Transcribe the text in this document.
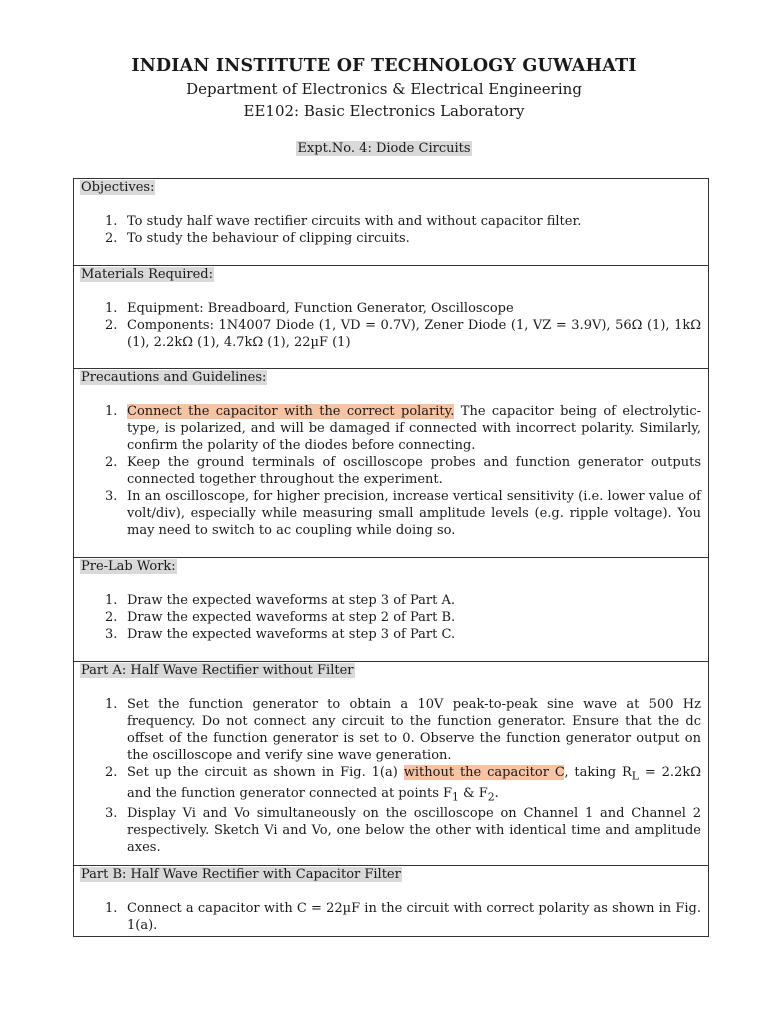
INDIAN INSTITUTE OF TECHNOLOGY GUWAHATI
Department of Electronics & Electrical Engineering
EE102: Basic Electronics Laboratory
Expt.No. 4: Diode Circuits
Objectives:
1. To study half wave rectifier circuits with and without capacitor filter.
2. To study the behaviour of clipping circuits.
Materials Required:
1. Equipment: Breadboard, Function Generator, Oscilloscope
2. Components: 1N4007 Diode (1, VD = 0.7V), Zener Diode (1, VZ = 3.9V), 56Ω (1), 1kΩ (1), 2.2kΩ (1), 4.7kΩ (1), 22µF (1)
Precautions and Guidelines:
1. Connect the capacitor with the correct polarity. The capacitor being of electrolytic-type, is polarized, and will be damaged if connected with incorrect polarity. Similarly, confirm the polarity of the diodes before connecting.
2. Keep the ground terminals of oscilloscope probes and function generator outputs connected together throughout the experiment.
3. In an oscilloscope, for higher precision, increase vertical sensitivity (i.e. lower value of volt/div), especially while measuring small amplitude levels (e.g. ripple voltage). You may need to switch to ac coupling while doing so.
Pre-Lab Work:
1. Draw the expected waveforms at step 3 of Part A.
2. Draw the expected waveforms at step 2 of Part B.
3. Draw the expected waveforms at step 3 of Part C.
Part A: Half Wave Rectifier without Filter
1. Set the function generator to obtain a 10V peak-to-peak sine wave at 500 Hz frequency. Do not connect any circuit to the function generator. Ensure that the dc offset of the function generator is set to 0. Observe the function generator output on the oscilloscope and verify sine wave generation.
2. Set up the circuit as shown in Fig. 1(a) without the capacitor C, taking $R_L = 2.2k\Omega$ and the function generator connected at points $F_1$ & $F_2$.
3. Display Vi and Vo simultaneously on the oscilloscope on Channel 1 and Channel 2 respectively. Sketch Vi and Vo, one below the other with identical time and amplitude axes.
Part B: Half Wave Rectifier with Capacitor Filter
1. Connect a capacitor with C = 22µF in the circuit with correct polarity as shown in Fig. 1(a).
